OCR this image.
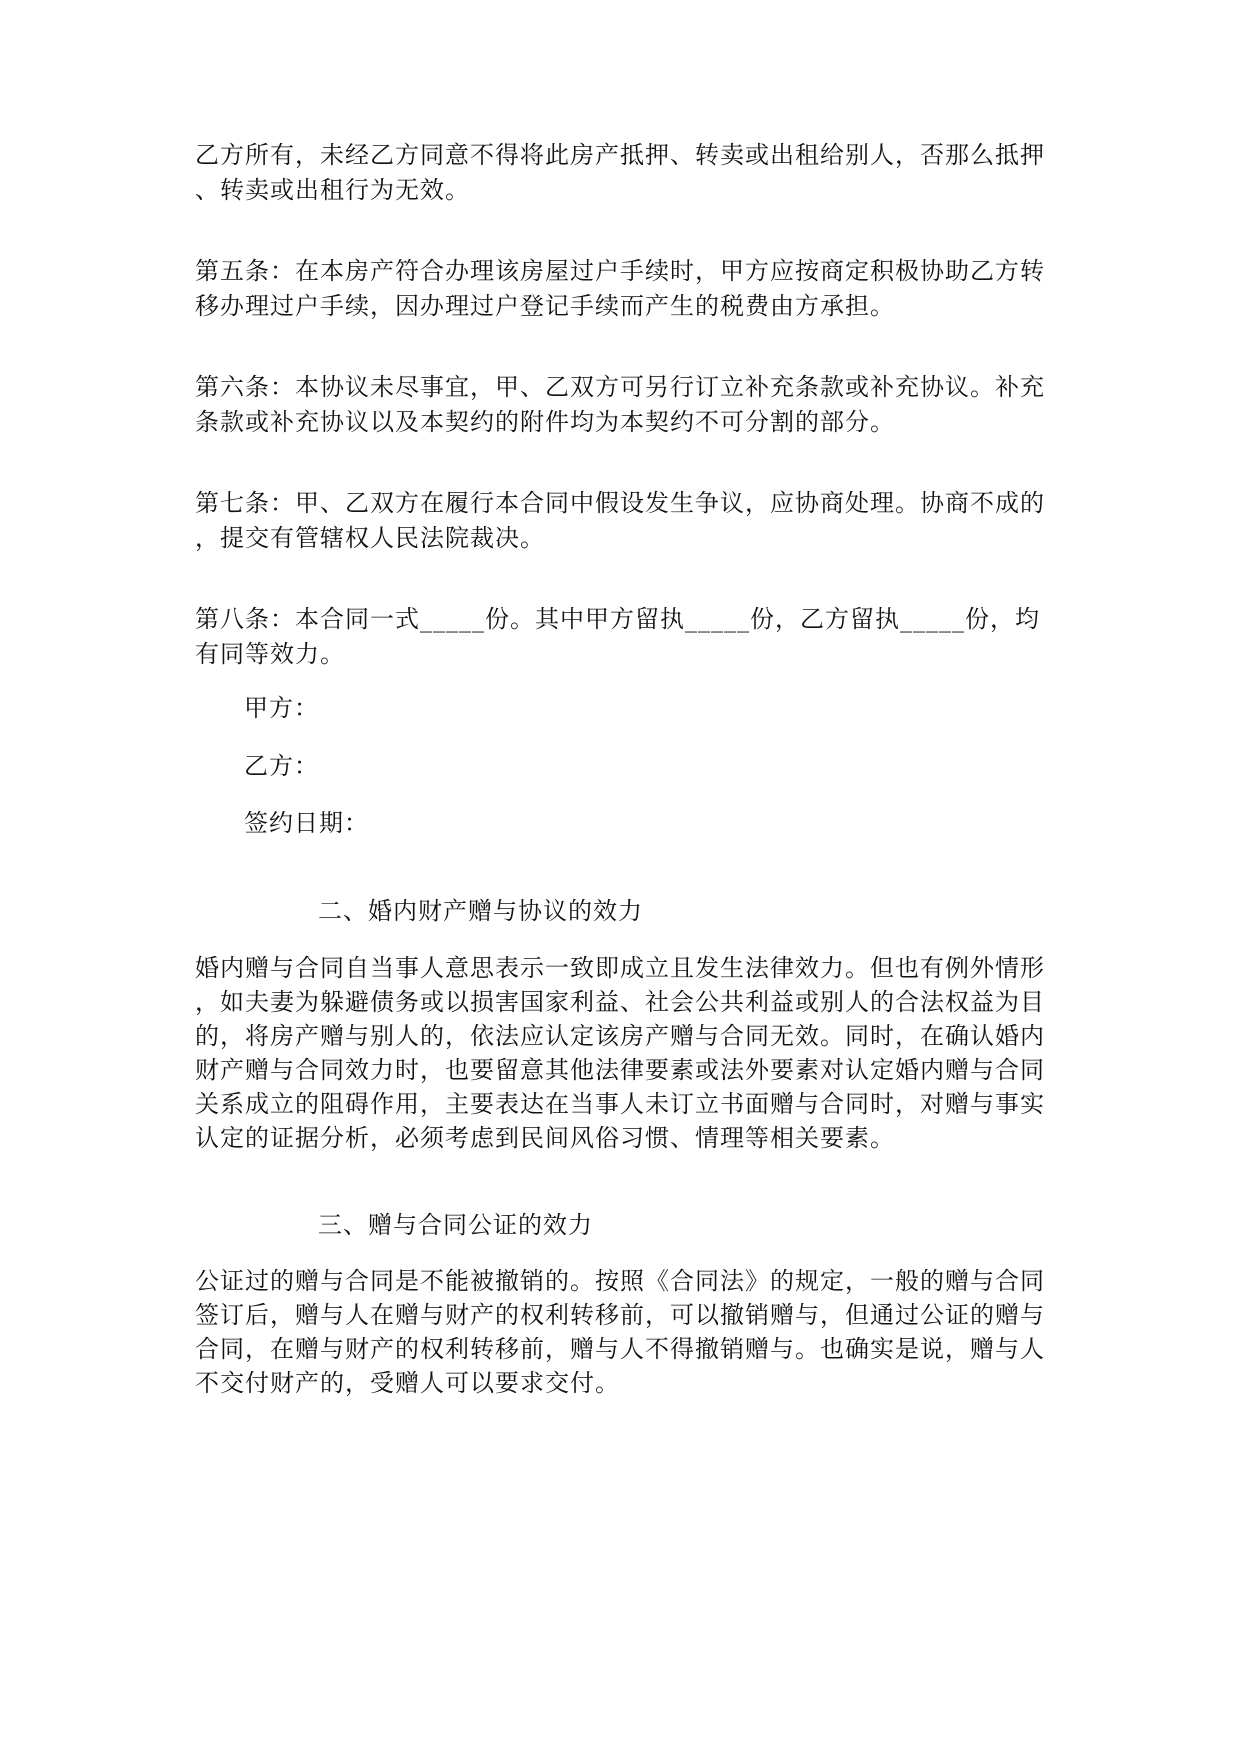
乙方所有，未经乙方同意不得将此房产抵押、转卖或出租给别人，否那么抵押
、转卖或出租行为无效。
第五条：在本房产符合办理该房屋过户手续时，甲方应按商定积极协助乙方转
移办理过户手续，因办理过户登记手续而产生的税费由方承担。
第六条：本协议未尽事宜，甲、乙双方可另行订立补充条款或补充协议。补充
条款或补充协议以及本契约的附件均为本契约不可分割的部分。
第七条：甲、乙双方在履行本合同中假设发生争议，应协商处理。协商不成的
，提交有管辖权人民法院裁决。
第八条：本合同一式_____份。其中甲方留执_____份，乙方留执_____份，均
有同等效力。
甲方：
乙方：
签约日期：
二、婚内财产赠与协议的效力
婚内赠与合同自当事人意思表示一致即成立且发生法律效力。但也有例外情形
，如夫妻为躲避债务或以损害国家利益、社会公共利益或别人的合法权益为目
的，将房产赠与别人的，依法应认定该房产赠与合同无效。同时，在确认婚内
财产赠与合同效力时，也要留意其他法律要素或法外要素对认定婚内赠与合同
关系成立的阻碍作用，主要表达在当事人未订立书面赠与合同时，对赠与事实
认定的证据分析，必须考虑到民间风俗习惯、情理等相关要素。
三、赠与合同公证的效力
公证过的赠与合同是不能被撤销的。按照《合同法》的规定，一般的赠与合同
签订后，赠与人在赠与财产的权利转移前，可以撤销赠与，但通过公证的赠与
合同，在赠与财产的权利转移前，赠与人不得撤销赠与。也确实是说，赠与人
不交付财产的，受赠人可以要求交付。
